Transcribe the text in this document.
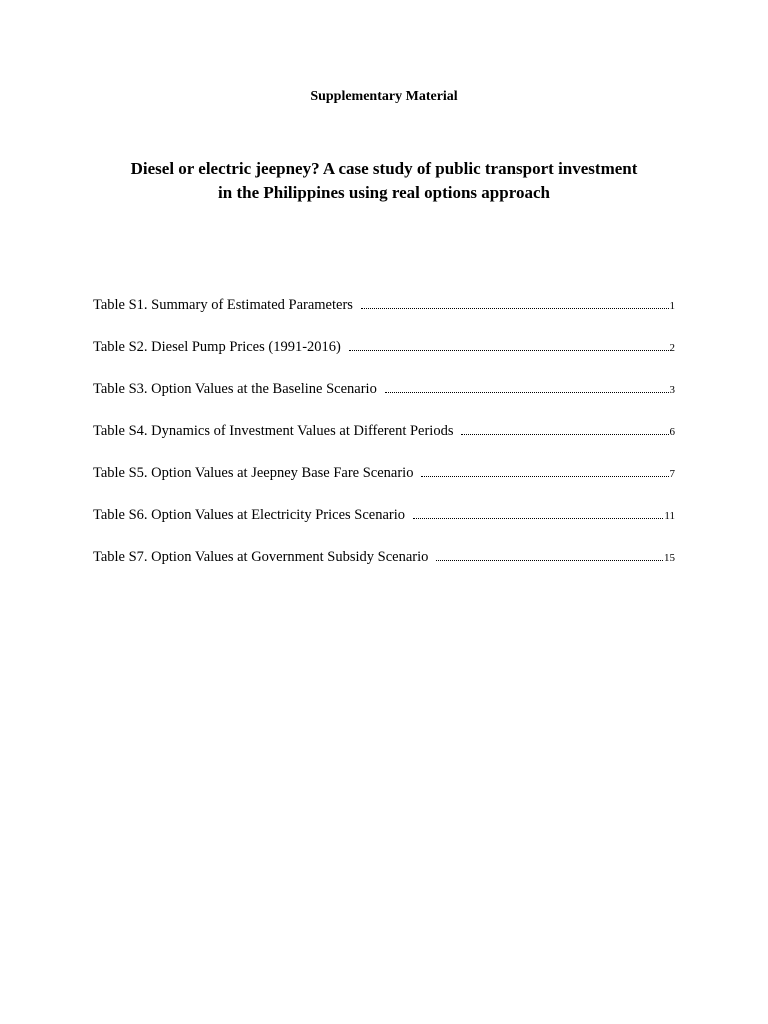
Supplementary Material
Diesel or electric jeepney? A case study of public transport investment
in the Philippines using real options approach
Table S1. Summary of Estimated Parameters	1
Table S2. Diesel Pump Prices (1991-2016)	2
Table S3. Option Values at the Baseline Scenario	3
Table S4. Dynamics of Investment Values at Different Periods	6
Table S5. Option Values at Jeepney Base Fare Scenario	7
Table S6. Option Values at Electricity Prices Scenario	11
Table S7. Option Values at Government Subsidy Scenario	15
